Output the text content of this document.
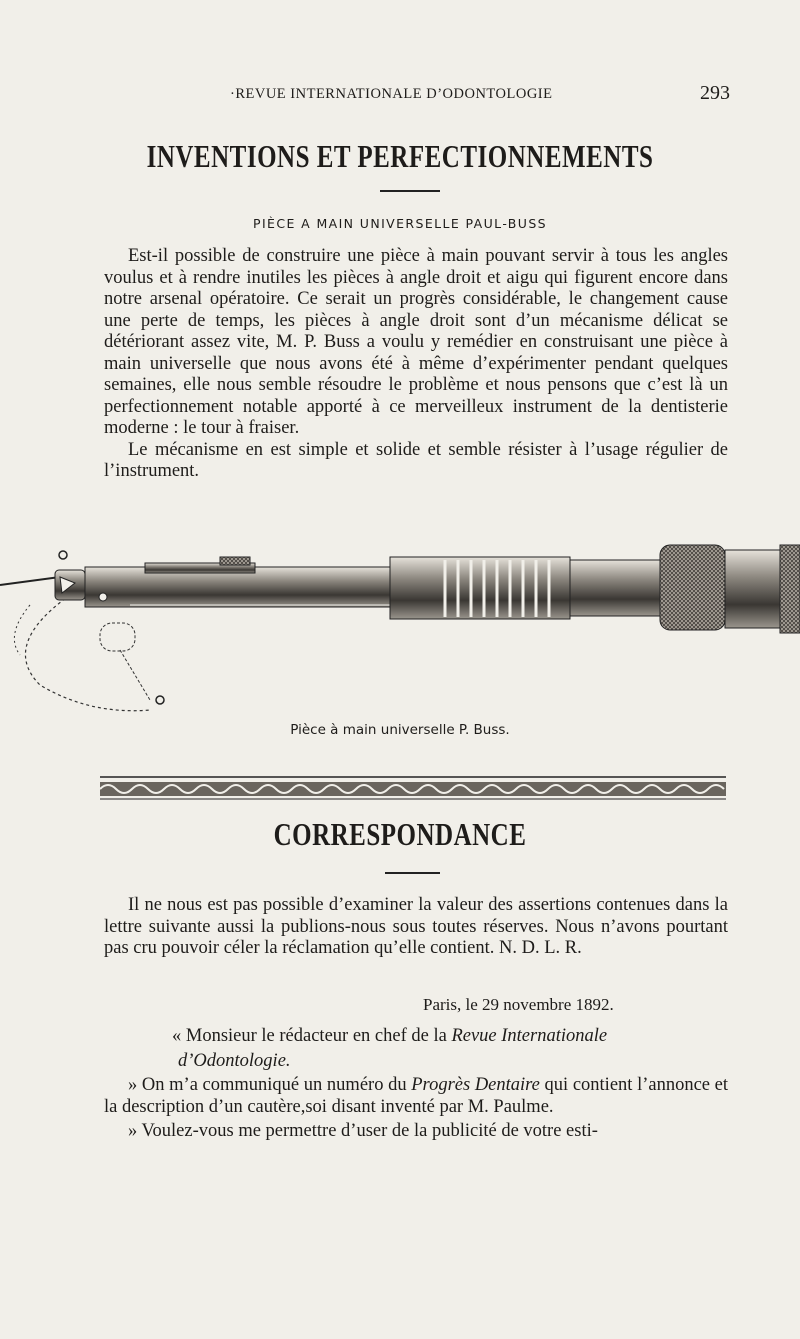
·REVUE INTERNATIONALE D’ODONTOLOGIE	293
INVENTIONS ET PERFECTIONNEMENTS
PIÈCE A MAIN UNIVERSELLE PAUL-BUSS

Est-il possible de construire une pièce à main pouvant servir à tous les angles voulus et à rendre inutiles les pièces à angle droit et aigu qui figurent encore dans notre arsenal opératoire. Ce serait un progrès considérable, le changement cause une perte de temps, les pièces à angle droit sont d’un mécanisme délicat se détériorant assez vite, M. P. Buss a voulu y remédier en construisant une pièce à main universelle que nous avons été à même d’expérimenter pendant quelques semaines, elle nous semble résoudre le problème et nous pensons que c’est là un perfectionnement notable apporté à ce merveilleux instrument de la dentisterie moderne : le tour à fraiser.

Le mécanisme en est simple et solide et semble résister à l’usage régulier de l’instrument.

Pièce à main universelle P. Buss.
CORRESPONDANCE

Il ne nous est pas possible d’examiner la valeur des assertions contenues dans la lettre suivante aussi la publions-nous sous toutes réserves. Nous n’avons pourtant pas cru pouvoir céler la réclamation qu’elle contient. N. D. L. R.

Paris, le 29 novembre 1892.

« Monsieur le rédacteur en chef de la Revue Internationale

d’Odontologie.

» On m’a communiqué un numéro du Progrès Dentaire qui contient l’annonce et la description d’un cautère,soi disant inventé par M. Paulme.

» Voulez-vous me permettre d’user de la publicité de votre esti-
